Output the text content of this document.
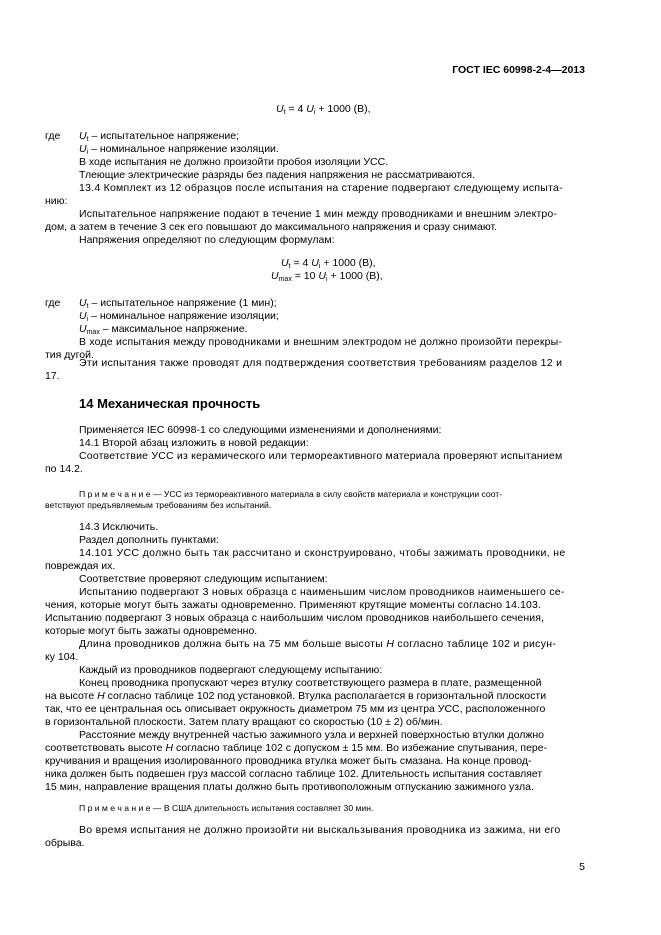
ГОСТ IEC 60998-2-4—2013
$U_t = 4$ $U_i + 1000$ (B),
где $U_t$ – испытательное напряжение;
$U_i$ – номинальное напряжение изоляции.
В ходе испытания не должно произойти пробоя изоляции УСС.
Тлеющие электрические разряды без падения напряжения не рассматриваются.
13.4 Комплект из 12 образцов после испытания на старение подвергают следующему испыта-
нию:
Испытательное напряжение подают в течение 1 мин между проводниками и внешним электро-
дом, а затем в течение 3 сек его повышают до максимального напряжения и сразу снимают.
Напряжения определяют по следующим формулам:
$U_t = 4$ $U_i + 1000$ (B),
$U_{max} = 10$ $U_i + 1000$ (B),
где $U_t$ – испытательное напряжение (1 мин);
$U_i$ – номинальное напряжение изоляции;
$U_{max}$ – максимальное напряжение.
В ходе испытания между проводниками и внешним электродом не должно произойти перекры-
тия дугой.
Эти испытания также проводят для подтверждения соответствия требованиям разделов 12 и
17.
14 Механическая прочность
Применяется IEC 60998-1 со следующими изменениями и дополнениями:
14.1 Второй абзац изложить в новой редакции:
Соответствие УСС из керамического или термореактивного материала проверяют испытанием
по 14.2.
П р и м е ч а н и е — УСС из термореактивного материала в силу свойств материала и конструкции соот-
ветствуют предъявляемым требованиям без испытаний.
14.3 Исключить.
Раздел дополнить пунктами:
14.101 УСС должно быть так рассчитано и сконструировано, чтобы зажимать проводники, не
повреждая их.
Соответствие проверяют следующим испытанием:
Испытанию подвергают 3 новых образца с наименьшим числом проводников наименьшего се-
чения, которые могут быть зажаты одновременно. Применяют крутящие моменты согласно 14.103.
Испытанию подвергают 3 новых образца с наибольшим числом проводников наибольшего сечения,
которые могут быть зажаты одновременно.
Длина проводников должна быть на 75 мм больше высоты H согласно таблице 102 и рисун-
ку 104.
Каждый из проводников подвергают следующему испытанию:
Конец проводника пропускают через втулку соответствующего размера в плате, размещенной
на высоте H согласно таблице 102 под установкой. Втулка располагается в горизонтальной плоскости
так, что ее центральная ось описывает окружность диаметром 75 мм из центра УСС, расположенного
в горизонтальной плоскости. Затем плату вращают со скоростью (10 ± 2) об/мин.
Расстояние между внутренней частью зажимного узла и верхней поверхностью втулки должно
соответствовать высоте H согласно таблице 102 с допуском ± 15 мм. Во избежание спутывания, пере-
кручивания и вращения изолированного проводника втулка может быть смазана. На конце провод-
ника должен быть подвешен груз массой согласно таблице 102. Длительность испытания составляет
15 мин, направление вращения платы должно быть противоположным отпусканию зажимного узла.
П р и м е ч а н и е — В США длительность испытания составляет 30 мин.
Во время испытания не должно произойти ни выскальзывания проводника из зажима, ни его
обрыва.
5
